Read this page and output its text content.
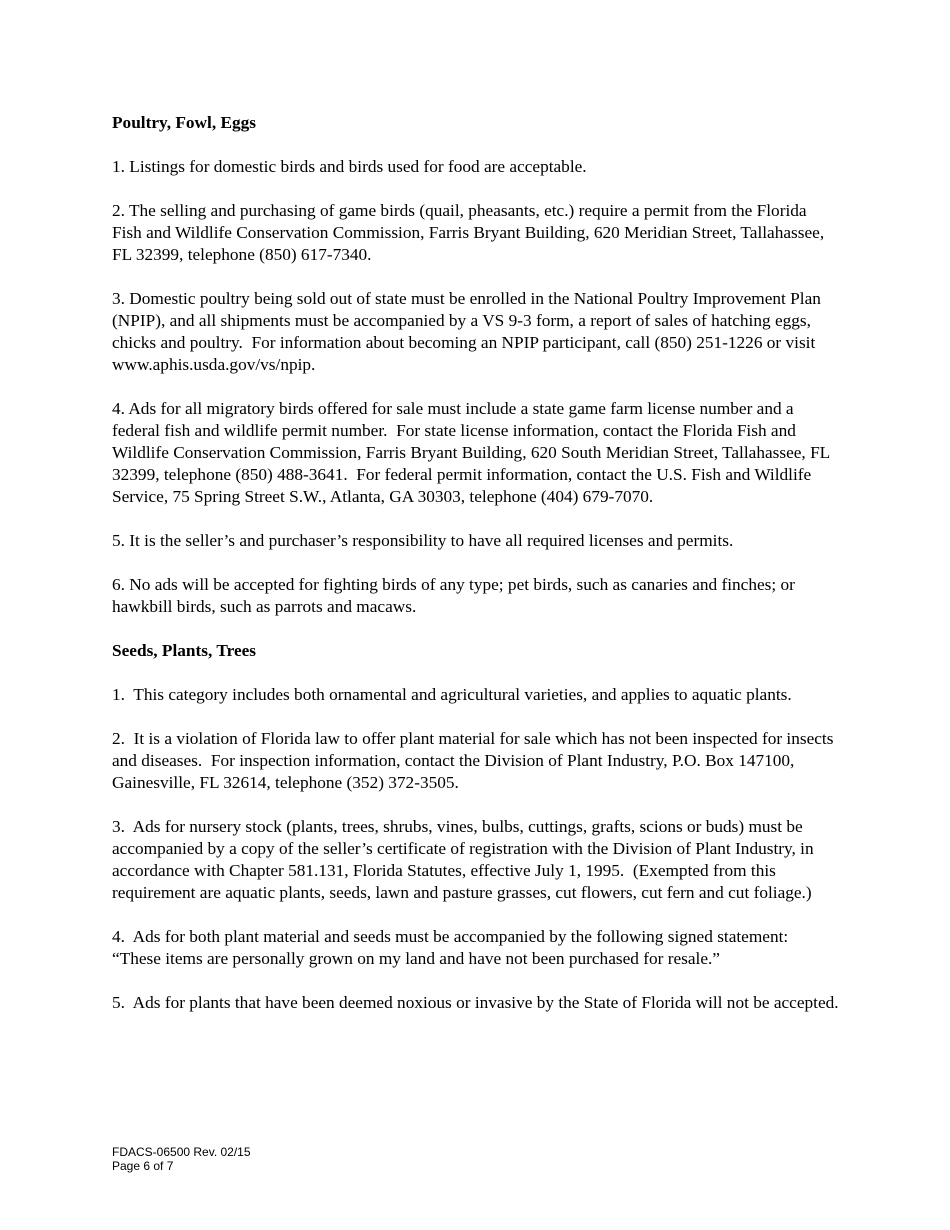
Poultry, Fowl, Eggs
1. Listings for domestic birds and birds used for food are acceptable.
2. The selling and purchasing of game birds (quail, pheasants, etc.) require a permit from the Florida Fish and Wildlife Conservation Commission, Farris Bryant Building, 620 Meridian Street, Tallahassee, FL 32399, telephone (850) 617-7340.
3. Domestic poultry being sold out of state must be enrolled in the National Poultry Improvement Plan (NPIP), and all shipments must be accompanied by a VS 9-3 form, a report of sales of hatching eggs, chicks and poultry.  For information about becoming an NPIP participant, call (850) 251-1226 or visit www.aphis.usda.gov/vs/npip.
4. Ads for all migratory birds offered for sale must include a state game farm license number and a federal fish and wildlife permit number.  For state license information, contact the Florida Fish and Wildlife Conservation Commission, Farris Bryant Building, 620 South Meridian Street, Tallahassee, FL 32399, telephone (850) 488-3641.  For federal permit information, contact the U.S. Fish and Wildlife Service, 75 Spring Street S.W., Atlanta, GA 30303, telephone (404) 679-7070.
5. It is the seller’s and purchaser’s responsibility to have all required licenses and permits.
6. No ads will be accepted for fighting birds of any type; pet birds, such as canaries and finches; or hawkbill birds, such as parrots and macaws.
Seeds, Plants, Trees
1.  This category includes both ornamental and agricultural varieties, and applies to aquatic plants.
2.  It is a violation of Florida law to offer plant material for sale which has not been inspected for insects and diseases.  For inspection information, contact the Division of Plant Industry, P.O. Box 147100, Gainesville, FL 32614, telephone (352) 372-3505.
3.  Ads for nursery stock (plants, trees, shrubs, vines, bulbs, cuttings, grafts, scions or buds) must be accompanied by a copy of the seller’s certificate of registration with the Division of Plant Industry, in accordance with Chapter 581.131, Florida Statutes, effective July 1, 1995.  (Exempted from this requirement are aquatic plants, seeds, lawn and pasture grasses, cut flowers, cut fern and cut foliage.)
4.  Ads for both plant material and seeds must be accompanied by the following signed statement:  “These items are personally grown on my land and have not been purchased for resale.”
5.  Ads for plants that have been deemed noxious or invasive by the State of Florida will not be accepted.
FDACS-06500 Rev. 02/15
Page 6 of 7
